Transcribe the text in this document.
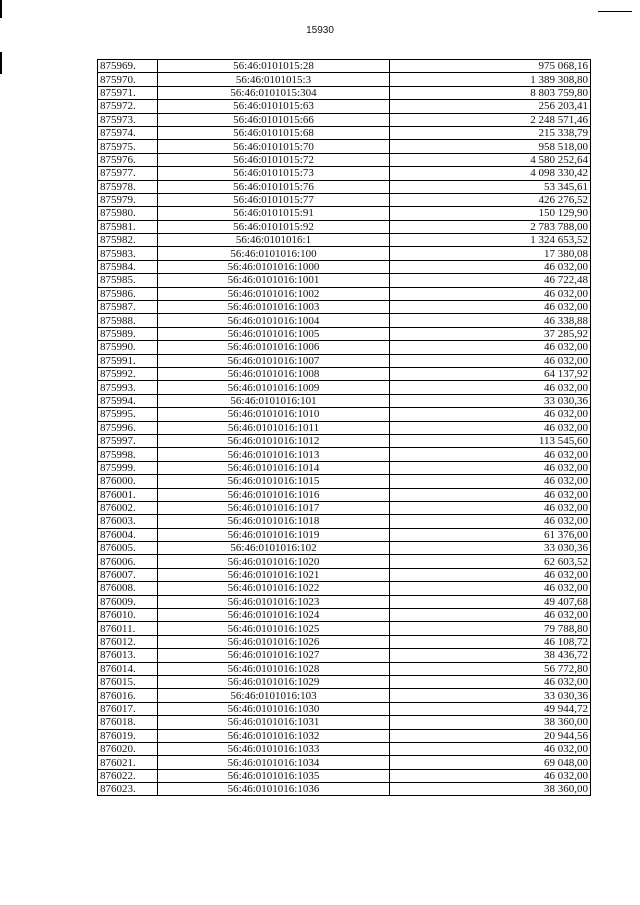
15930
875969.	56:46:0101015:28	975 068,16
875970.	56:46:0101015:3	1 389 308,80
875971.	56:46:0101015:304	8 803 759,80
875972.	56:46:0101015:63	256 203,41
875973.	56:46:0101015:66	2 248 571,46
875974.	56:46:0101015:68	215 338,79
875975.	56:46:0101015:70	958 518,00
875976.	56:46:0101015:72	4 580 252,64
875977.	56:46:0101015:73	4 098 330,42
875978.	56:46:0101015:76	53 345,61
875979.	56:46:0101015:77	426 276,52
875980.	56:46:0101015:91	150 129,90
875981.	56:46:0101015:92	2 783 788,00
875982.	56:46:0101016:1	1 324 653,52
875983.	56:46:0101016:100	17 380,08
875984.	56:46:0101016:1000	46 032,00
875985.	56:46:0101016:1001	46 722,48
875986.	56:46:0101016:1002	46 032,00
875987.	56:46:0101016:1003	46 032,00
875988.	56:46:0101016:1004	46 338,88
875989.	56:46:0101016:1005	37 285,92
875990.	56:46:0101016:1006	46 032,00
875991.	56:46:0101016:1007	46 032,00
875992.	56:46:0101016:1008	64 137,92
875993.	56:46:0101016:1009	46 032,00
875994.	56:46:0101016:101	33 030,36
875995.	56:46:0101016:1010	46 032,00
875996.	56:46:0101016:1011	46 032,00
875997.	56:46:0101016:1012	113 545,60
875998.	56:46:0101016:1013	46 032,00
875999.	56:46:0101016:1014	46 032,00
876000.	56:46:0101016:1015	46 032,00
876001.	56:46:0101016:1016	46 032,00
876002.	56:46:0101016:1017	46 032,00
876003.	56:46:0101016:1018	46 032,00
876004.	56:46:0101016:1019	61 376,00
876005.	56:46:0101016:102	33 030,36
876006.	56:46:0101016:1020	62 603,52
876007.	56:46:0101016:1021	46 032,00
876008.	56:46:0101016:1022	46 032,00
876009.	56:46:0101016:1023	49 407,68
876010.	56:46:0101016:1024	46 032,00
876011.	56:46:0101016:1025	79 788,80
876012.	56:46:0101016:1026	46 108,72
876013.	56:46:0101016:1027	38 436,72
876014.	56:46:0101016:1028	56 772,80
876015.	56:46:0101016:1029	46 032,00
876016.	56:46:0101016:103	33 030,36
876017.	56:46:0101016:1030	49 944,72
876018.	56:46:0101016:1031	38 360,00
876019.	56:46:0101016:1032	20 944,56
876020.	56:46:0101016:1033	46 032,00
876021.	56:46:0101016:1034	69 048,00
876022.	56:46:0101016:1035	46 032,00
876023.	56:46:0101016:1036	38 360,00
